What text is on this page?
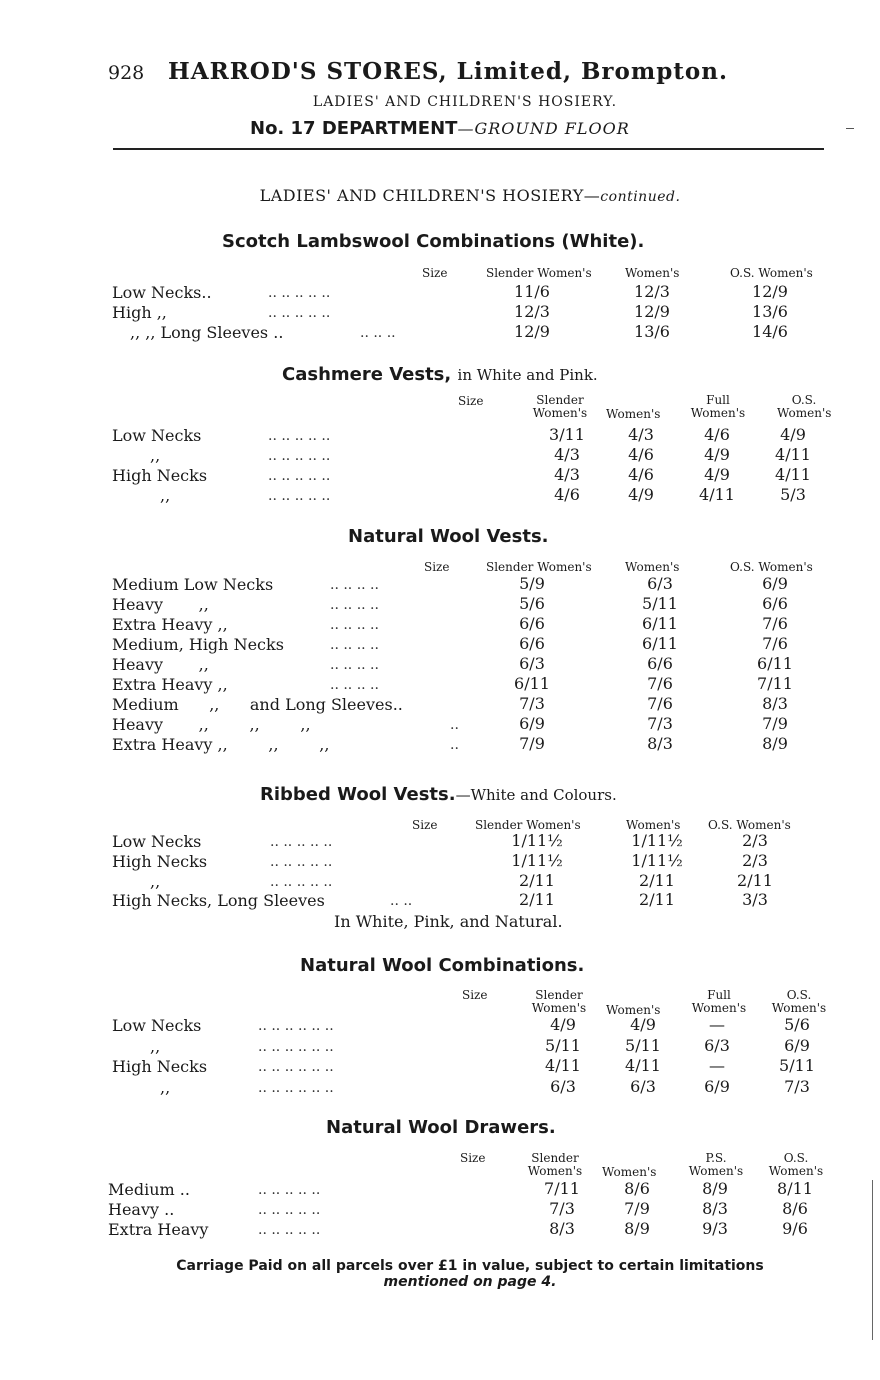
928 HARROD'S STORES, Limited, Brompton.
LADIES' AND CHILDREN'S HOSIERY.
No. 17 DEPARTMENT—GROUND FLOOR
LADIES' AND CHILDREN'S HOSIERY—continued.
Scotch Lambswool Combinations (White).
Size	Slender Women's	Women's	O.S. Women's
Low Necks..	.. .. .. .. ..	11/6	12/3	12/9
High ,,	.. .. .. .. ..	12/3	12/9	13/6
,, ,, Long Sleeves ..	.. .. ..	12/9	13/6	14/6
Cashmere Vests, in White and Pink.
Size	Slender Women's Women's
Full Women's
O.S. Women's
Low Necks	.. .. .. .. ..	3/11	4/3	4/6	4/9
,,	.. .. .. .. ..	4/3	4/6	4/9	4/11
High Necks	.. .. .. .. ..	4/3	4/6	4/9	4/11
,,	.. .. .. .. ..	4/6	4/9	4/11	5/3
Natural Wool Vests.
Size	Slender Women's	Women's	O.S. Women's
Medium Low Necks	.. .. .. ..	5/9	6/3	6/9
Heavy       ,,	.. .. .. ..	5/6	5/11	6/6
Extra Heavy ,,	.. .. .. ..	6/6	6/11	7/6
Medium, High Necks	.. .. .. ..	6/6	6/11	7/6
Heavy       ,,	.. .. .. ..	6/3	6/6	6/11
Extra Heavy ,,	.. .. .. ..	6/11	7/6	7/11
Medium      ,,      and Long Sleeves..	7/3	7/6	8/3
Heavy       ,,        ,,        ,,	..	6/9	7/3	7/9
Extra Heavy ,,        ,,        ,,	..	7/9	8/3	8/9
Ribbed Wool Vests.—White and Colours.
Size	Slender Women's	Women's O.S. Women's
Low Necks	.. .. .. .. ..	1/11½	1/11½	2/3
High Necks	.. .. .. .. ..	1/11½	1/11½	2/3
,,	.. .. .. .. ..	2/11	2/11	2/11
High Necks, Long Sleeves	.. ..	2/11	2/11	3/3
In White, Pink, and Natural.
Natural Wool Combinations.
Size	Slender Women's	Women's
Full Women's
O.S. Women's
Low Necks	.. .. .. .. .. ..	4/9	4/9	—	5/6
,,	.. .. .. .. .. ..	5/11	5/11	6/3	6/9
High Necks	.. .. .. .. .. ..	4/11	4/11	—	5/11
,,	.. .. .. .. .. ..	6/3	6/3	6/9	7/3
Natural Wool Drawers.
Size	Slender Women's	Women's
P.S. Women's
O.S. Women's
Medium ..	.. .. .. .. ..	7/11	8/6	8/9	8/11
Heavy ..	.. .. .. .. ..	7/3	7/9	8/3	8/6
Extra Heavy	.. .. .. .. ..	8/3	8/9	9/3	9/6
Carriage Paid on all parcels over £1 in value, subject to certain limitations
mentioned on page 4.
